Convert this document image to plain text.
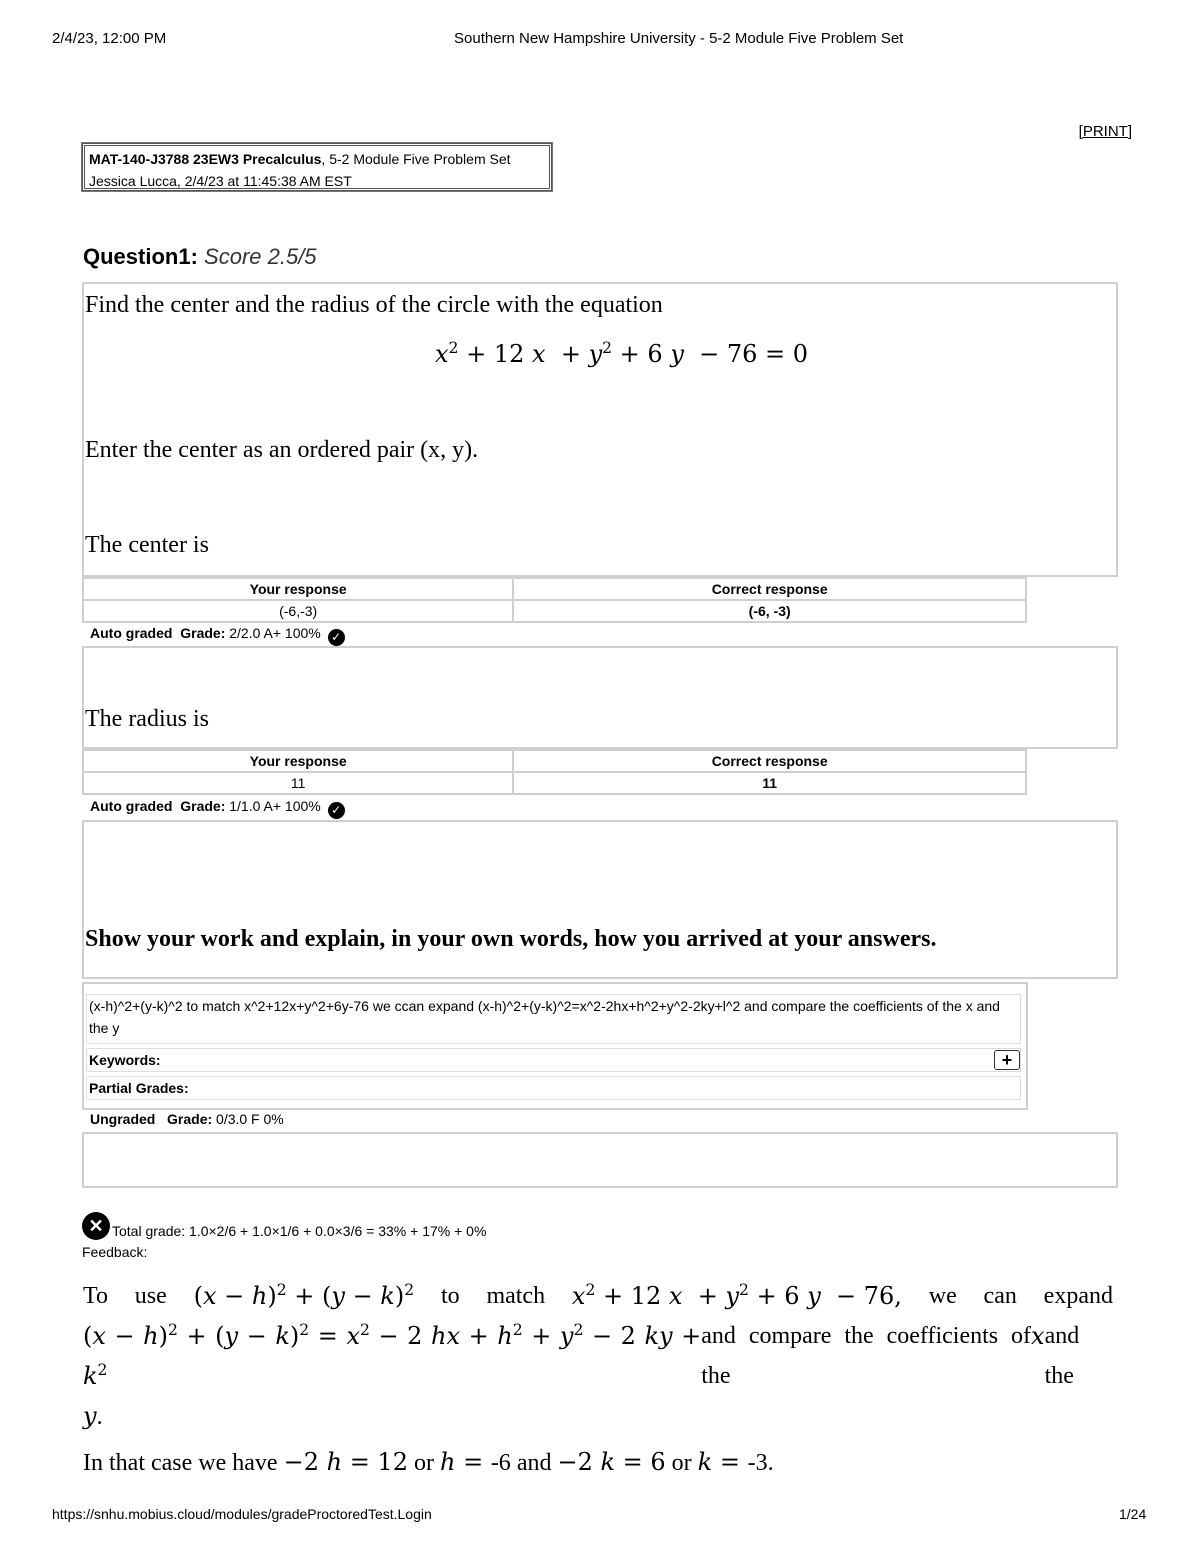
2/4/23, 12:00 PM	Southern New Hampshire University - 5-2 Module Five Problem Set
[PRINT]
MAT-140-J3788 23EW3 Precalculus, 5-2 Module Five Problem Set
Jessica Lucca, 2/4/23 at 11:45:38 AM EST
Question1: Score 2.5/5
Find the center and the radius of the circle with the equation
$x^2 + 12$ $x + y^2 + 6$ y  − 76 = 0
Enter the center as an ordered pair (x, y).
The center is
Your response	Correct response
(-6,-3)	(-6, -3)
Auto graded Grade: 2/2.0 A+ 100% ✓
The radius is
Your response	Correct response
11	11
Auto graded Grade: 1/1.0 A+ 100% ✓
Show your work and explain, in your own words, how you arrived at your answers.
(x-h)^2+(y-k)^2 to match x^2+12x+y^2+6y-76 we ccan expand (x-h)^2+(y-k)^2=x^2-2hx+h^2+y^2-2ky+l^2 and compare the coefficients of the x and the y
Keywords:	+
Partial Grades:
Ungraded Grade: 0/3.0 F 0%
✕ Total grade: 1.0×2/6 + 1.0×1/6 + 0.0×3/6 = 33% + 17% + 0%
Feedback:
To use $(x - h)^2 + (y - k)^2$ to match $x^2 + 12$ $x + y^2 + 6$ y  − 76, we can expand
$(x - h)^2 + (y - k)^2 = x^2 - 2$ hx + $h^2 + y^2 - 2$ ky + $k^2$
and compare the coefficients of the
x and the
y.
In that case we have −2 h = 12 or h = -6 and −2 k = 6 or k = -3.
https://snhu.mobius.cloud/modules/gradeProctoredTest.Login	1/24
